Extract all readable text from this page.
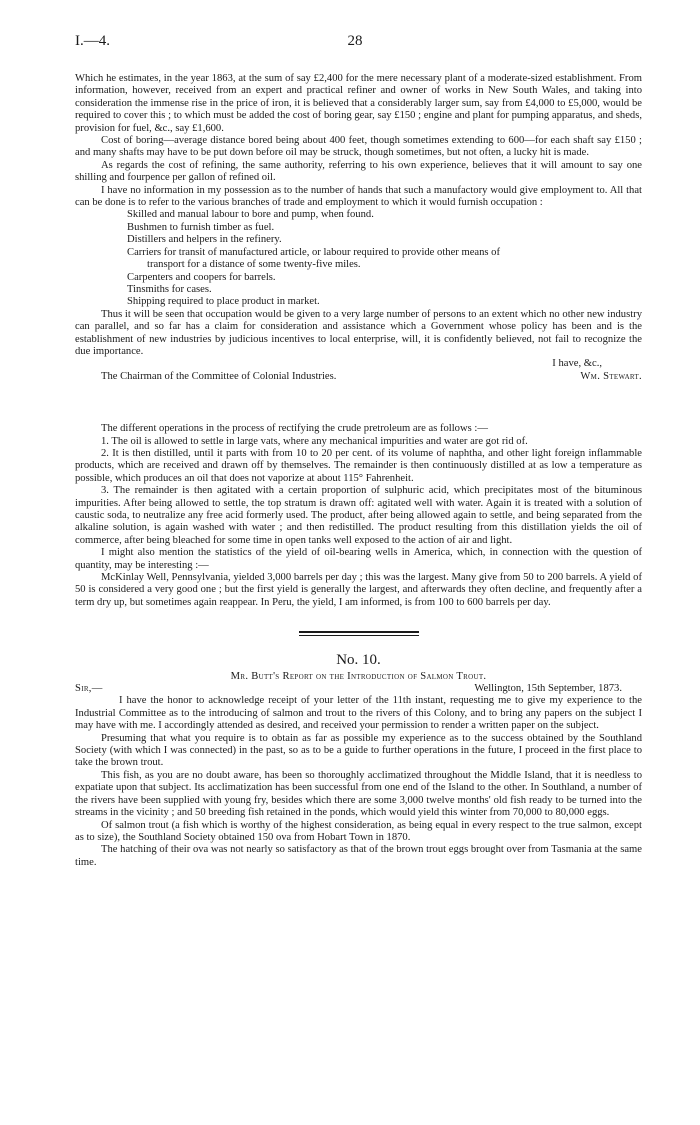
I.—4.	28

Which he estimates, in the year 1863, at the sum of say £2,400 for the mere necessary plant of a moderate-sized establishment. From information, however, received from an expert and practical refiner and owner of works in New South Wales, and taking into consideration the immense rise in the price of iron, it is believed that a considerably larger sum, say from £4,000 to £5,000, would be required to cover this ; to which must be added the cost of boring gear, say £150 ; engine and plant for pumping apparatus, and sheds, provision for fuel, &c., say £1,600.

Cost of boring—average distance bored being about 400 feet, though sometimes extending to 600—for each shaft say £150 ; and many shafts may have to be put down before oil may be struck, though sometimes, but not often, a lucky hit is made.

As regards the cost of refining, the same authority, referring to his own experience, believes that it will amount to say one shilling and fourpence per gallon of refined oil.

I have no information in my possession as to the number of hands that such a manufactory would give employment to. All that can be done is to refer to the various branches of trade and employment to which it would furnish occupation :

Skilled and manual labour to bore and pump, when found.
Bushmen to furnish timber as fuel.
Distillers and helpers in the refinery.
Carriers for transit of manufactured article, or labour required to provide other means of
transport for a distance of some twenty-five miles.
Carpenters and coopers for barrels.
Tinsmiths for cases.
Shipping required to place product in market.

Thus it will be seen that occupation would be given to a very large number of persons to an extent which no other new industry can parallel, and so far has a claim for consideration and assistance which a Government whose policy has been and is the establishment of new industries by judicious incentives to local enterprise, will, it is confidently believed, not fail to recognize the due importance.

I have, &c.,

The Chairman of the Committee of Colonial Industries.	Wm. Stewart.

The different operations in the process of rectifying the crude pretroleum are as follows :—

1. The oil is allowed to settle in large vats, where any mechanical impurities and water are got rid of.

2. It is then distilled, until it parts with from 10 to 20 per cent. of its volume of naphtha, and other light foreign inflammable products, which are received and drawn off by themselves. The remainder is then continuously distilled at as low a temperature as possible, which produces an oil that does not vaporize at about 115° Fahrenheit.

3. The remainder is then agitated with a certain proportion of sulphuric acid, which precipitates most of the bituminous impurities. After being allowed to settle, the top stratum is drawn off: agitated well with water. Again it is treated with a solution of caustic soda, to neutralize any free acid formerly used. The product, after being allowed again to settle, and being separated from the alkaline solution, is again washed with water ; and then redistilled. The product resulting from this distillation yields the oil of commerce, after being bleached for some time in open tanks well exposed to the action of air and light.

I might also mention the statistics of the yield of oil-bearing wells in America, which, in connection with the question of quantity, may be interesting :—

McKinlay Well, Pennsylvania, yielded 3,000 barrels per day ; this was the largest. Many give from 50 to 200 barrels. A yield of 50 is considered a very good one ; but the first yield is generally the largest, and afterwards they often decline, and frequently after a term dry up, but sometimes again reappear. In Peru, the yield, I am informed, is from 100 to 600 barrels per day.

No. 10.
Mr. Butt's Report on the Introduction of Salmon Trout.
Sir,—	Wellington, 15th September, 1873.

I have the honor to acknowledge receipt of your letter of the 11th instant, requesting me to give my experience to the Industrial Committee as to the introducing of salmon and trout to the rivers of this Colony, and to bring any papers on the subject I may have with me. I accordingly attended as desired, and received your permission to render a written paper on the subject.

Presuming that what you require is to obtain as far as possible my experience as to the success obtained by the Southland Society (with which I was connected) in the past, so as to be a guide to further operations in the future, I proceed in the first place to take the brown trout.

This fish, as you are no doubt aware, has been so thoroughly acclimatized throughout the Middle Island, that it is needless to expatiate upon that subject. Its acclimatization has been successful from one end of the Island to the other. In Southland, a number of the rivers have been supplied with young fry, besides which there are some 3,000 twelve months' old fish ready to be turned into the streams in the vicinity ; and 50 breeding fish retained in the ponds, which would yield this winter from 70,000 to 80,000 eggs.

Of salmon trout (a fish which is worthy of the highest consideration, as being equal in every respect to the true salmon, except as to size), the Southland Society obtained 150 ova from Hobart Town in 1870.

The hatching of their ova was not nearly so satisfactory as that of the brown trout eggs brought over from Tasmania at the same time.
